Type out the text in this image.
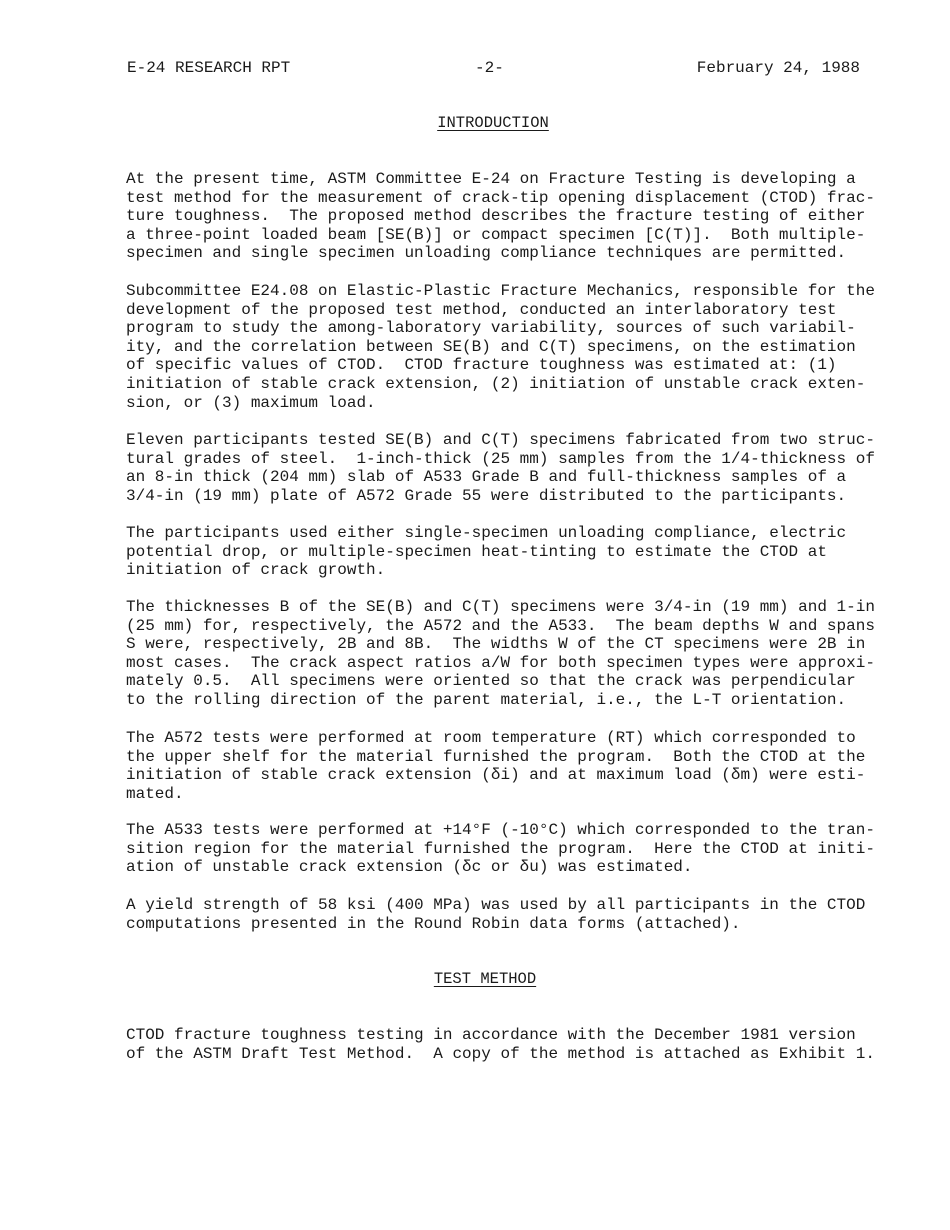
E-24 RESEARCH RPT	-2-	February 24, 1988
INTRODUCTION

At the present time, ASTM Committee E-24 on Fracture Testing is developing a
test method for the measurement of crack-tip opening displacement (CTOD) frac-
ture toughness.  The proposed method describes the fracture testing of either
a three-point loaded beam [SE(B)] or compact specimen [C(T)].  Both multiple-
specimen and single specimen unloading compliance techniques are permitted.

Subcommittee E24.08 on Elastic-Plastic Fracture Mechanics, responsible for the
development of the proposed test method, conducted an interlaboratory test
program to study the among-laboratory variability, sources of such variabil-
ity, and the correlation between SE(B) and C(T) specimens, on the estimation
of specific values of CTOD.  CTOD fracture toughness was estimated at: (1)
initiation of stable crack extension, (2) initiation of unstable crack exten-
sion, or (3) maximum load.

Eleven participants tested SE(B) and C(T) specimens fabricated from two struc-
tural grades of steel.  1-inch-thick (25 mm) samples from the 1/4-thickness of
an 8-in thick (204 mm) slab of A533 Grade B and full-thickness samples of a
3/4-in (19 mm) plate of A572 Grade 55 were distributed to the participants.

The participants used either single-specimen unloading compliance, electric
potential drop, or multiple-specimen heat-tinting to estimate the CTOD at
initiation of crack growth.

The thicknesses B of the SE(B) and C(T) specimens were 3/4-in (19 mm) and 1-in
(25 mm) for, respectively, the A572 and the A533.  The beam depths W and spans
S were, respectively, 2B and 8B.  The widths W of the CT specimens were 2B in
most cases.  The crack aspect ratios a/W for both specimen types were approxi-
mately 0.5.  All specimens were oriented so that the crack was perpendicular
to the rolling direction of the parent material, i.e., the L-T orientation.

The A572 tests were performed at room temperature (RT) which corresponded to
the upper shelf for the material furnished the program.  Both the CTOD at the
initiation of stable crack extension (δi) and at maximum load (δm) were esti-
mated.

The A533 tests were performed at +14°F (-10°C) which corresponded to the tran-
sition region for the material furnished the program.  Here the CTOD at initi-
ation of unstable crack extension (δc or δu) was estimated.

A yield strength of 58 ksi (400 MPa) was used by all participants in the CTOD
computations presented in the Round Robin data forms (attached).

TEST METHOD

CTOD fracture toughness testing in accordance with the December 1981 version
of the ASTM Draft Test Method.  A copy of the method is attached as Exhibit 1.
